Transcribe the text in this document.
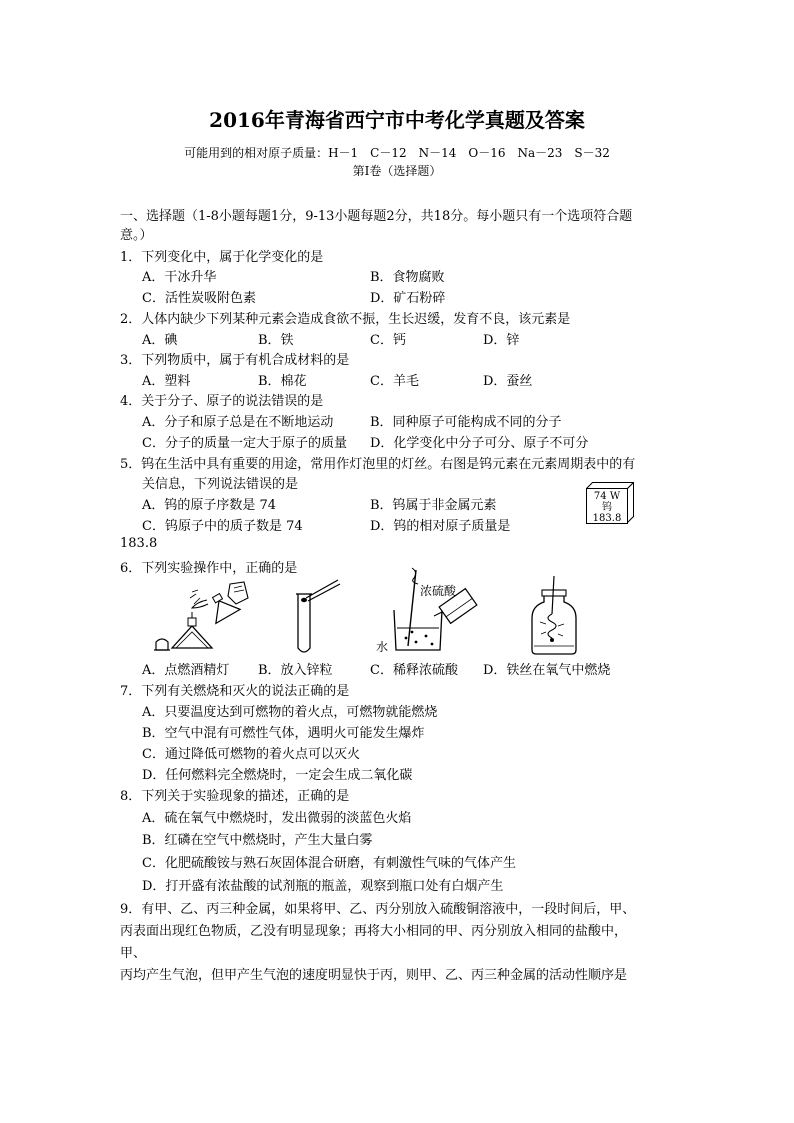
2016年青海省西宁市中考化学真题及答案
可能用到的相对原子质量：H－1　C－12　N－14　O－16　Na－23　S－32
第Ⅰ卷（选择题）
一、选择题（1-8小题每题1分，9-13小题每题2分，共18分。每小题只有一个选项符合题
意。）
1．下列变化中，属于化学变化的是
A．干冰升华	B．食物腐败
C．活性炭吸附色素	D．矿石粉碎
2．人体内缺少下列某种元素会造成食欲不振，生长迟缓，发育不良，该元素是
A．碘	B．铁	C．钙	D．锌
3．下列物质中，属于有机合成材料的是
A．塑料	B．棉花	C．羊毛	D．蚕丝
4．关于分子、原子的说法错误的是
A．分子和原子总是在不断地运动	B．同种原子可能构成不同的分子
C．分子的质量一定大于原子的质量 D．化学变化中分子可分、原子不可分
5．钨在生活中具有重要的用途，常用作灯泡里的灯丝。右图是钨元素在元素周期表中的有
关信息，下列说法错误的是
A．钨的原子序数是 74	B．钨属于非金属元素
C．钨原子中的质子数是 74	D．钨的相对原子质量是
183.8
74 W
钨
183.8
6．下列实验操作中，正确的是
浓硫酸
水
A．点燃酒精灯 B．放入锌粒	C．稀释浓硫酸 D．铁丝在氧气中燃烧
7．下列有关燃烧和灭火的说法正确的是
A．只要温度达到可燃物的着火点，可燃物就能燃烧
B．空气中混有可燃性气体，遇明火可能发生爆炸
C．通过降低可燃物的着火点可以灭火
D．任何燃料完全燃烧时，一定会生成二氧化碳
8．下列关于实验现象的描述，正确的是
A．硫在氧气中燃烧时，发出微弱的淡蓝色火焰
B．红磷在空气中燃烧时，产生大量白雾
C．化肥硫酸铵与熟石灰固体混合研磨，有刺激性气味的气体产生
D．打开盛有浓盐酸的试剂瓶的瓶盖，观察到瓶口处有白烟产生
9．有甲、乙、丙三种金属，如果将甲、乙、丙分别放入硫酸铜溶液中，一段时间后，甲、
丙表面出现红色物质，乙没有明显现象；再将大小相同的甲、丙分别放入相同的盐酸中，
甲、
丙均产生气泡，但甲产生气泡的速度明显快于丙，则甲、乙、丙三种金属的活动性顺序是
